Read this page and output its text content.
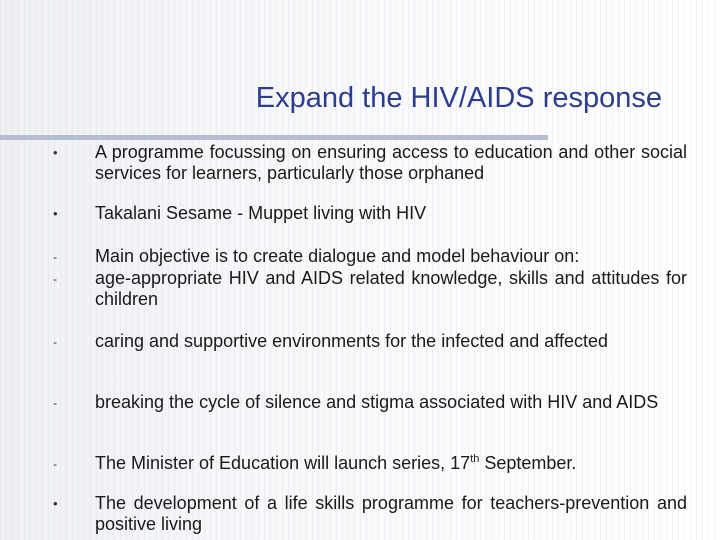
Expand the HIV/AIDS response
•	A programme focussing on ensuring access to education and other social services for learners, particularly those orphaned
•	Takalani Sesame - Muppet living with HIV
-	Main objective is to create dialogue and model behaviour on:
-	age-appropriate HIV and AIDS related knowledge, skills and attitudes for children
-	caring and supportive environments for the infected and affected
-	breaking the cycle of silence and stigma associated with HIV and AIDS
-	The Minister of Education will launch series, 17th September.
•	The development of a life skills programme for teachers-prevention and positive living
